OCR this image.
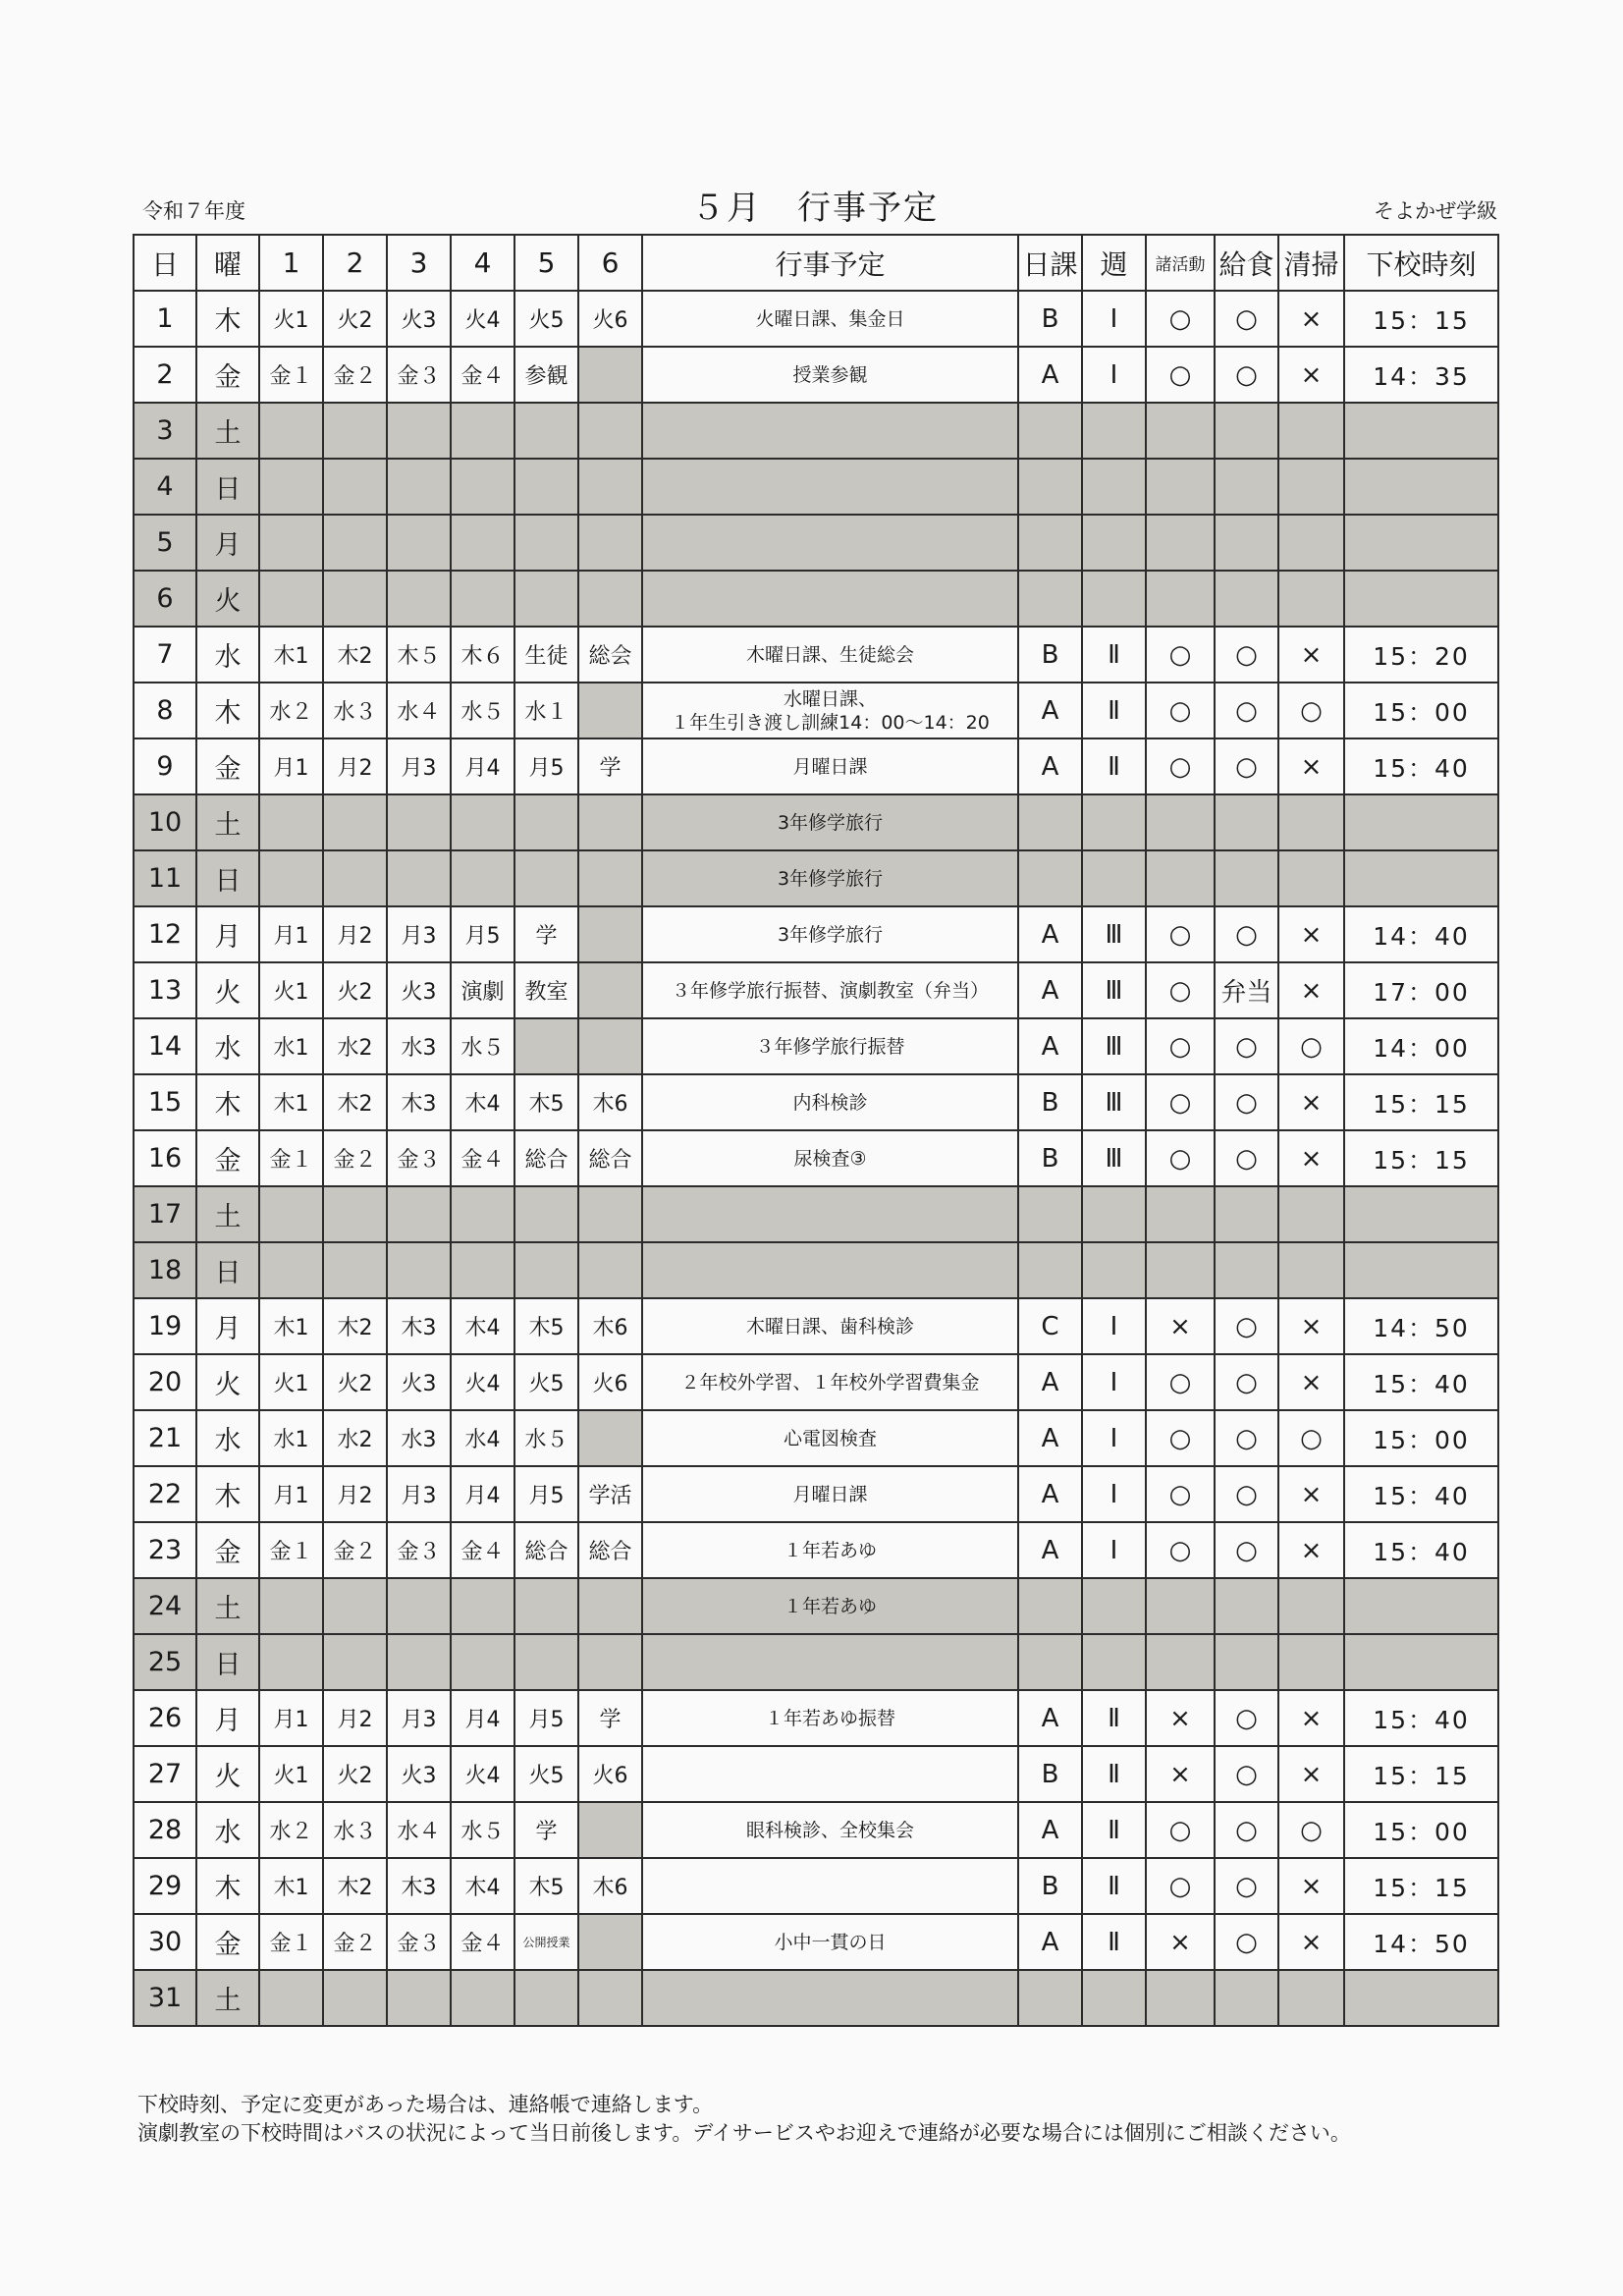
令和７年度	５月　行事予定	そよかぜ学級
日	曜	1	2	3	4	5	6	行事予定	日課	週	諸活動	給食	清掃	下校時刻
1	木	火1	火2	火3	火4	火5	火6	火曜日課、集金日	B	Ⅰ	○	○	×	15：15
2	金	金１	金２	金３	金４	参観		授業参観	A	Ⅰ	○	○	×	14：35
3	土													
4	日													
5	月													
6	火													
7	水	木1	木2	木５	木６	生徒	総会	木曜日課、生徒総会	B	Ⅱ	○	○	×	15：20
8	木	水２	水３	水４	水５	水１		水曜日課、
１年生引き渡し訓練14：00～14：20	A	Ⅱ	○	○	○	15：00
9	金	月1	月2	月3	月4	月5	学	月曜日課	A	Ⅱ	○	○	×	15：40
10	土							3年修学旅行						
11	日							3年修学旅行						
12	月	月1	月2	月3	月5	学		3年修学旅行	A	Ⅲ	○	○	×	14：40
13	火	火1	火2	火3	演劇	教室		３年修学旅行振替、演劇教室（弁当）	A	Ⅲ	○	弁当	×	17：00
14	水	水1	水2	水3	水５			３年修学旅行振替	A	Ⅲ	○	○	○	14：00
15	木	木1	木2	木3	木4	木5	木6	内科検診	B	Ⅲ	○	○	×	15：15
16	金	金１	金２	金３	金４	総合	総合	尿検査③	B	Ⅲ	○	○	×	15：15
17	土													
18	日													
19	月	木1	木2	木3	木4	木5	木6	木曜日課、歯科検診	C	Ⅰ	×	○	×	14：50
20	火	火1	火2	火3	火4	火5	火6	２年校外学習、１年校外学習費集金	A	Ⅰ	○	○	×	15：40
21	水	水1	水2	水3	水4	水５		心電図検査	A	Ⅰ	○	○	○	15：00
22	木	月1	月2	月3	月4	月5	学活	月曜日課	A	Ⅰ	○	○	×	15：40
23	金	金１	金２	金３	金４	総合	総合	１年若あゆ	A	Ⅰ	○	○	×	15：40
24	土							１年若あゆ						
25	日													
26	月	月1	月2	月3	月4	月5	学	１年若あゆ振替	A	Ⅱ	×	○	×	15：40
27	火	火1	火2	火3	火4	火5	火6		B	Ⅱ	×	○	×	15：15
28	水	水２	水３	水４	水５	学		眼科検診、全校集会	A	Ⅱ	○	○	○	15：00
29	木	木1	木2	木3	木4	木5	木6		B	Ⅱ	○	○	×	15：15
30	金	金１	金２	金３	金４	公開授業		小中一貫の日	A	Ⅱ	×	○	×	14：50
31	土													
下校時刻、予定に変更があった場合は、連絡帳で連絡します。
演劇教室の下校時間はバスの状況によって当日前後します。デイサービスやお迎えで連絡が必要な場合には個別にご相談ください。
